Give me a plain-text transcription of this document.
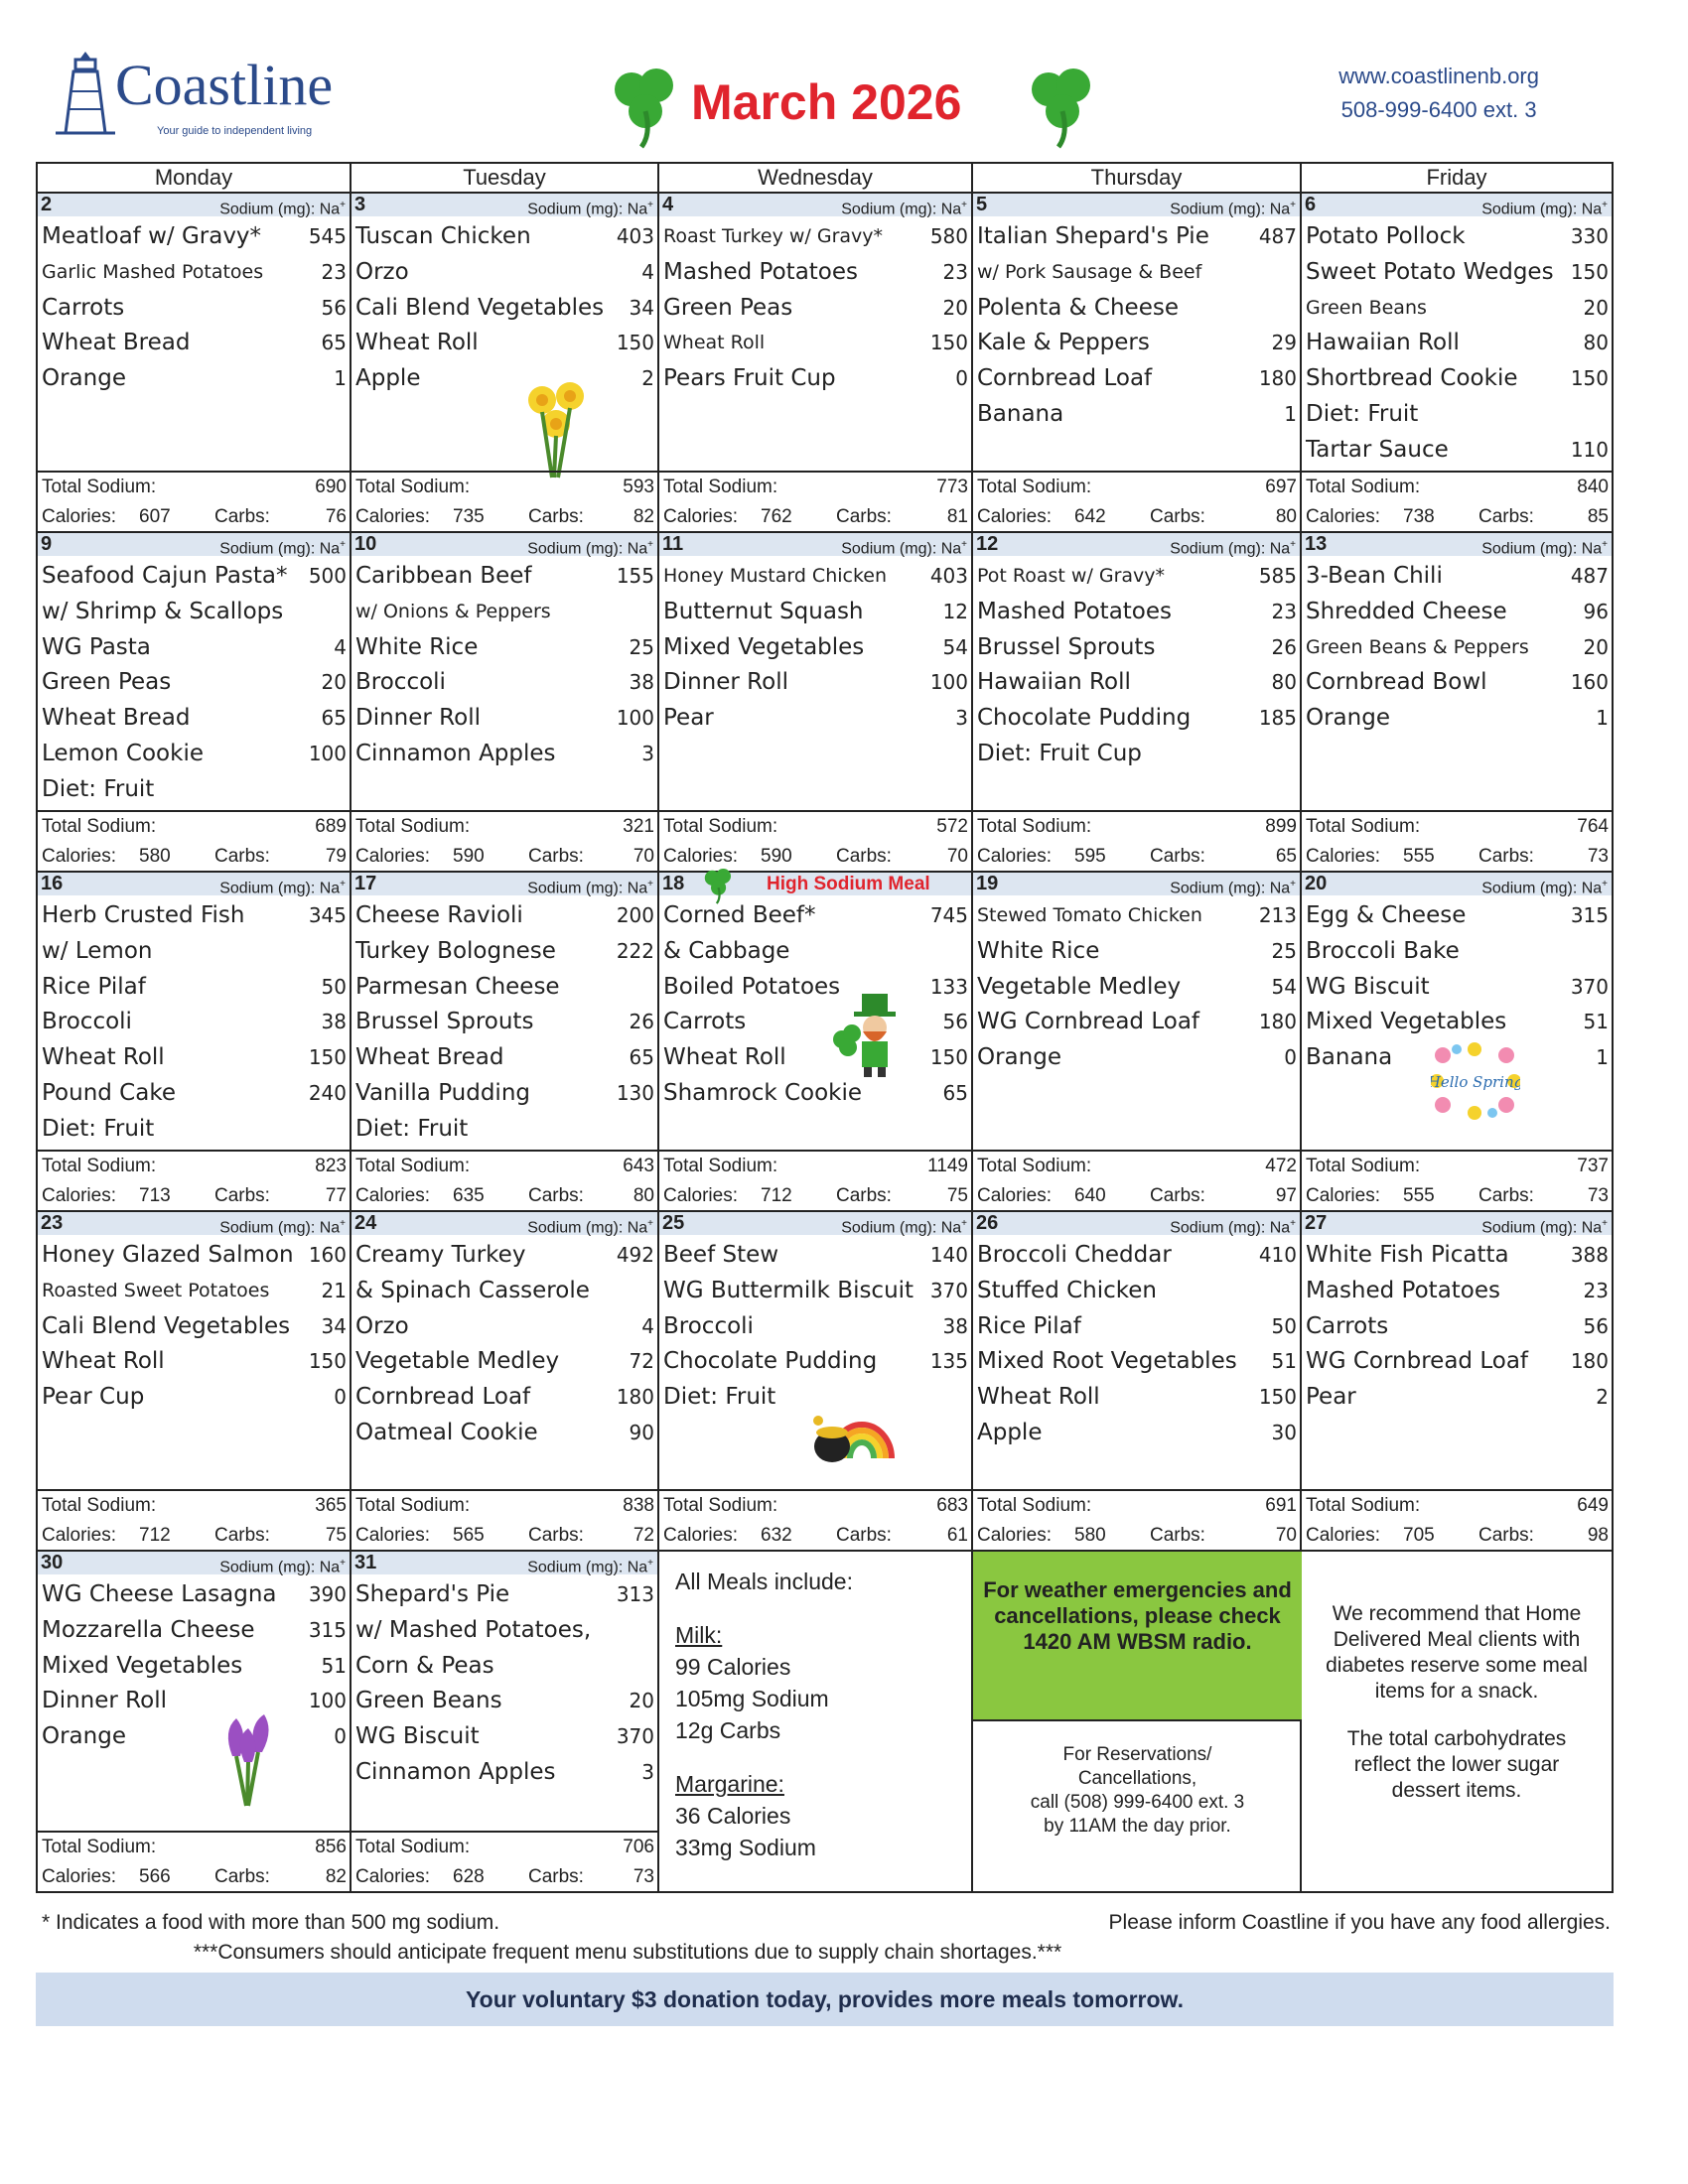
Coastline
Your guide to independent living
March 2026	www.coastlinenb.org
508-999-6400 ext. 3
Monday	Tuesday	Wednesday	Thursday	Friday
2	Sodium (mg): Na+
Meatloaf w/ Gravy* 545
Garlic Mashed Potatoes	23
Carrots	56
Wheat Bread	65
Orange	1
Total Sodium:	690
Calories: 607 Carbs:	76
3	Sodium (mg): Na+
Tuscan Chicken	403
Orzo	4
Cali Blend Vegetables 34
Wheat Roll	150
Apple	2
Total Sodium:	593
Calories: 735 Carbs:	82
4	Sodium (mg): Na+
Roast Turkey w/ Gravy* 580
Mashed Potatoes	23
Green Peas	20
Wheat Roll	150
Pears Fruit Cup	0
Total Sodium:	773
Calories: 762 Carbs:	81
5	Sodium (mg): Na+
Italian Shepard's Pie 487
w/ Pork Sausage & Beef
Polenta & Cheese
Kale & Peppers	29
Cornbread Loaf	180
Banana	1
Total Sodium:	697
Calories: 642 Carbs:	80
6	Sodium (mg): Na+
Potato Pollock	330
Sweet Potato Wedges 150
Green Beans	20
Hawaiian Roll	80
Shortbread Cookie	150
Diet: Fruit
Tartar Sauce	110
Total Sodium:	840
Calories: 738 Carbs:	85
9	Sodium (mg): Na+
Seafood Cajun Pasta* 500
w/ Shrimp & Scallops
WG Pasta	4
Green Peas	20
Wheat Bread	65
Lemon Cookie	100
Diet: Fruit
Total Sodium:	689
Calories: 580 Carbs:	79
10	Sodium (mg): Na+
Caribbean Beef	155
w/ Onions & Peppers
White Rice	25
Broccoli	38
Dinner Roll	100
Cinnamon Apples	3
Total Sodium:	321
Calories: 590 Carbs:	70
11	Sodium (mg): Na+
Honey Mustard Chicken 403
Butternut Squash	12
Mixed Vegetables	54
Dinner Roll	100
Pear	3
Total Sodium:	572
Calories: 590 Carbs:	70
12	Sodium (mg): Na+
Pot Roast w/ Gravy*	585
Mashed Potatoes	23
Brussel Sprouts	26
Hawaiian Roll	80
Chocolate Pudding	185
Diet: Fruit Cup
Total Sodium:	899
Calories: 595 Carbs:	65
13	Sodium (mg): Na+
3-Bean Chili	487
Shredded Cheese	96
Green Beans & Peppers	20
Cornbread Bowl	160
Orange	1
Total Sodium:	764
Calories: 555 Carbs:	73
16	Sodium (mg): Na+
Herb Crusted Fish	345
w/ Lemon
Rice Pilaf	50
Broccoli	38
Wheat Roll	150
Pound Cake	240
Diet: Fruit
Total Sodium:	823
Calories: 713 Carbs:	77
17	Sodium (mg): Na+
Cheese Ravioli	200
Turkey Bolognese	222
Parmesan Cheese
Brussel Sprouts	26
Wheat Bread	65
Vanilla Pudding	130
Diet: Fruit
Total Sodium:	643
Calories: 635 Carbs:	80
18	High Sodium Meal
Corned Beef*	745
& Cabbage
Boiled Potatoes	133
Carrots	56
Wheat Roll	150
Shamrock Cookie	65
Total Sodium:	1149
Calories: 712 Carbs:	75
19	Sodium (mg): Na+
Stewed Tomato Chicken	213
White Rice	25
Vegetable Medley	54
WG Cornbread Loaf	180
Orange	0
Total Sodium:	472
Calories: 640 Carbs:	97
20	Sodium (mg): Na+
Egg & Cheese	315
Broccoli Bake
WG Biscuit	370
Mixed Vegetables	51
Banana	1
Hello Spring
Total Sodium:	737
Calories: 555 Carbs:	73
23	Sodium (mg): Na+
Honey Glazed Salmon 160
Roasted Sweet Potatoes	21
Cali Blend Vegetables 34
Wheat Roll	150
Pear Cup	0
Total Sodium:	365
Calories: 712 Carbs:	75
24	Sodium (mg): Na+
Creamy Turkey	492
& Spinach Casserole
Orzo	4
Vegetable Medley	72
Cornbread Loaf	180
Oatmeal Cookie	90
Total Sodium:	838
Calories: 565 Carbs:	72
25	Sodium (mg): Na+
Beef Stew	140
WG Buttermilk Biscuit 370
Broccoli	38
Chocolate Pudding	135
Diet: Fruit
Total Sodium:	683
Calories: 632 Carbs:	61
26	Sodium (mg): Na+
Broccoli Cheddar	410
Stuffed Chicken
Rice Pilaf	50
Mixed Root Vegetables 51
Wheat Roll	150
Apple	30
Total Sodium:	691
Calories: 580 Carbs:	70
27	Sodium (mg): Na+
White Fish Picatta	388
Mashed Potatoes	23
Carrots	56
WG Cornbread Loaf 180
Pear	2
Total Sodium:	649
Calories: 705 Carbs:	98
30	Sodium (mg): Na+
WG Cheese Lasagna 390
Mozzarella Cheese	315
Mixed Vegetables	51
Dinner Roll	100
Orange	0
Total Sodium:	856
Calories: 566 Carbs:	82
31	Sodium (mg): Na+
Shepard's Pie	313
w/ Mashed Potatoes,
Corn & Peas
Green Beans	20
WG Biscuit	370
Cinnamon Apples	3
Total Sodium:	706
Calories: 628 Carbs:	73
All Meals include:
Milk:
99 Calories
105mg Sodium
12g Carbs
Margarine:
36 Calories
33mg Sodium
For weather emergencies and cancellations, please check 1420 AM WBSM radio.
For Reservations/
Cancellations,
call (508) 999-6400 ext. 3
by 11AM the day prior.
We recommend that Home Delivered Meal clients with diabetes reserve some meal items for a snack.
The total carbohydrates reflect the lower sugar dessert items.
* Indicates a food with more than 500 mg sodium.	Please inform Coastline if you have any food allergies.
***Consumers should anticipate frequent menu substitutions due to supply chain shortages.***
Your voluntary $3 donation today, provides more meals tomorrow.
